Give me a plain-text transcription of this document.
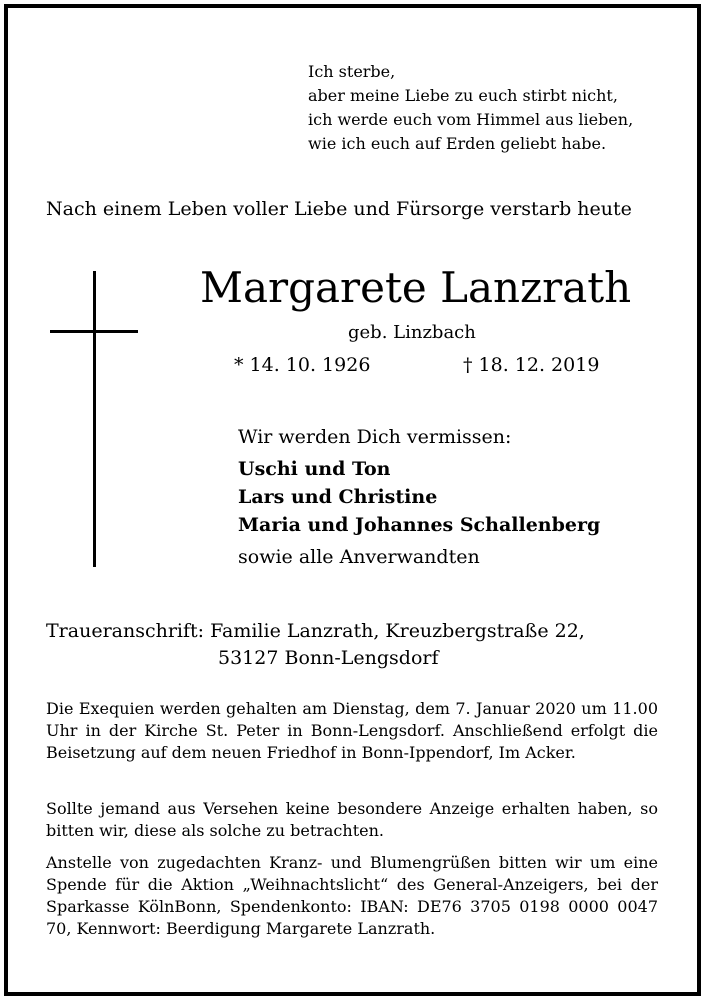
Ich sterbe,
aber meine Liebe zu euch stirbt nicht,
ich werde euch vom Himmel aus lieben,
wie ich euch auf Erden geliebt habe.
Nach einem Leben voller Liebe und Fürsorge verstarb heute
Margarete Lanzrath
geb. Linzbach
* 14. 10. 1926	† 18. 12. 2019
Wir werden Dich vermissen:
Uschi und Ton
Lars und Christine
Maria und Johannes Schallenberg
sowie alle Anverwandten
Traueranschrift: Familie Lanzrath, Kreuzbergstraße 22,
53127 Bonn-Lengsdorf
Die Exequien werden gehalten am Dienstag, dem 7. Januar 2020 um 11.00 Uhr in der Kirche St. Peter in Bonn-Lengsdorf. Anschließend erfolgt die Beisetzung auf dem neuen Friedhof in Bonn-Ippendorf, Im Acker.
Sollte jemand aus Versehen keine besondere Anzeige erhalten haben, so bitten wir, diese als solche zu betrachten.
Anstelle von zugedachten Kranz- und Blumengrüßen bitten wir um eine Spende für die Aktion „Weihnachtslicht“ des General-Anzeigers, bei der Sparkasse KölnBonn, Spendenkonto: IBAN: DE76 3705 0198 0000 0047 70, Kennwort: Beerdigung Margarete Lanzrath.
